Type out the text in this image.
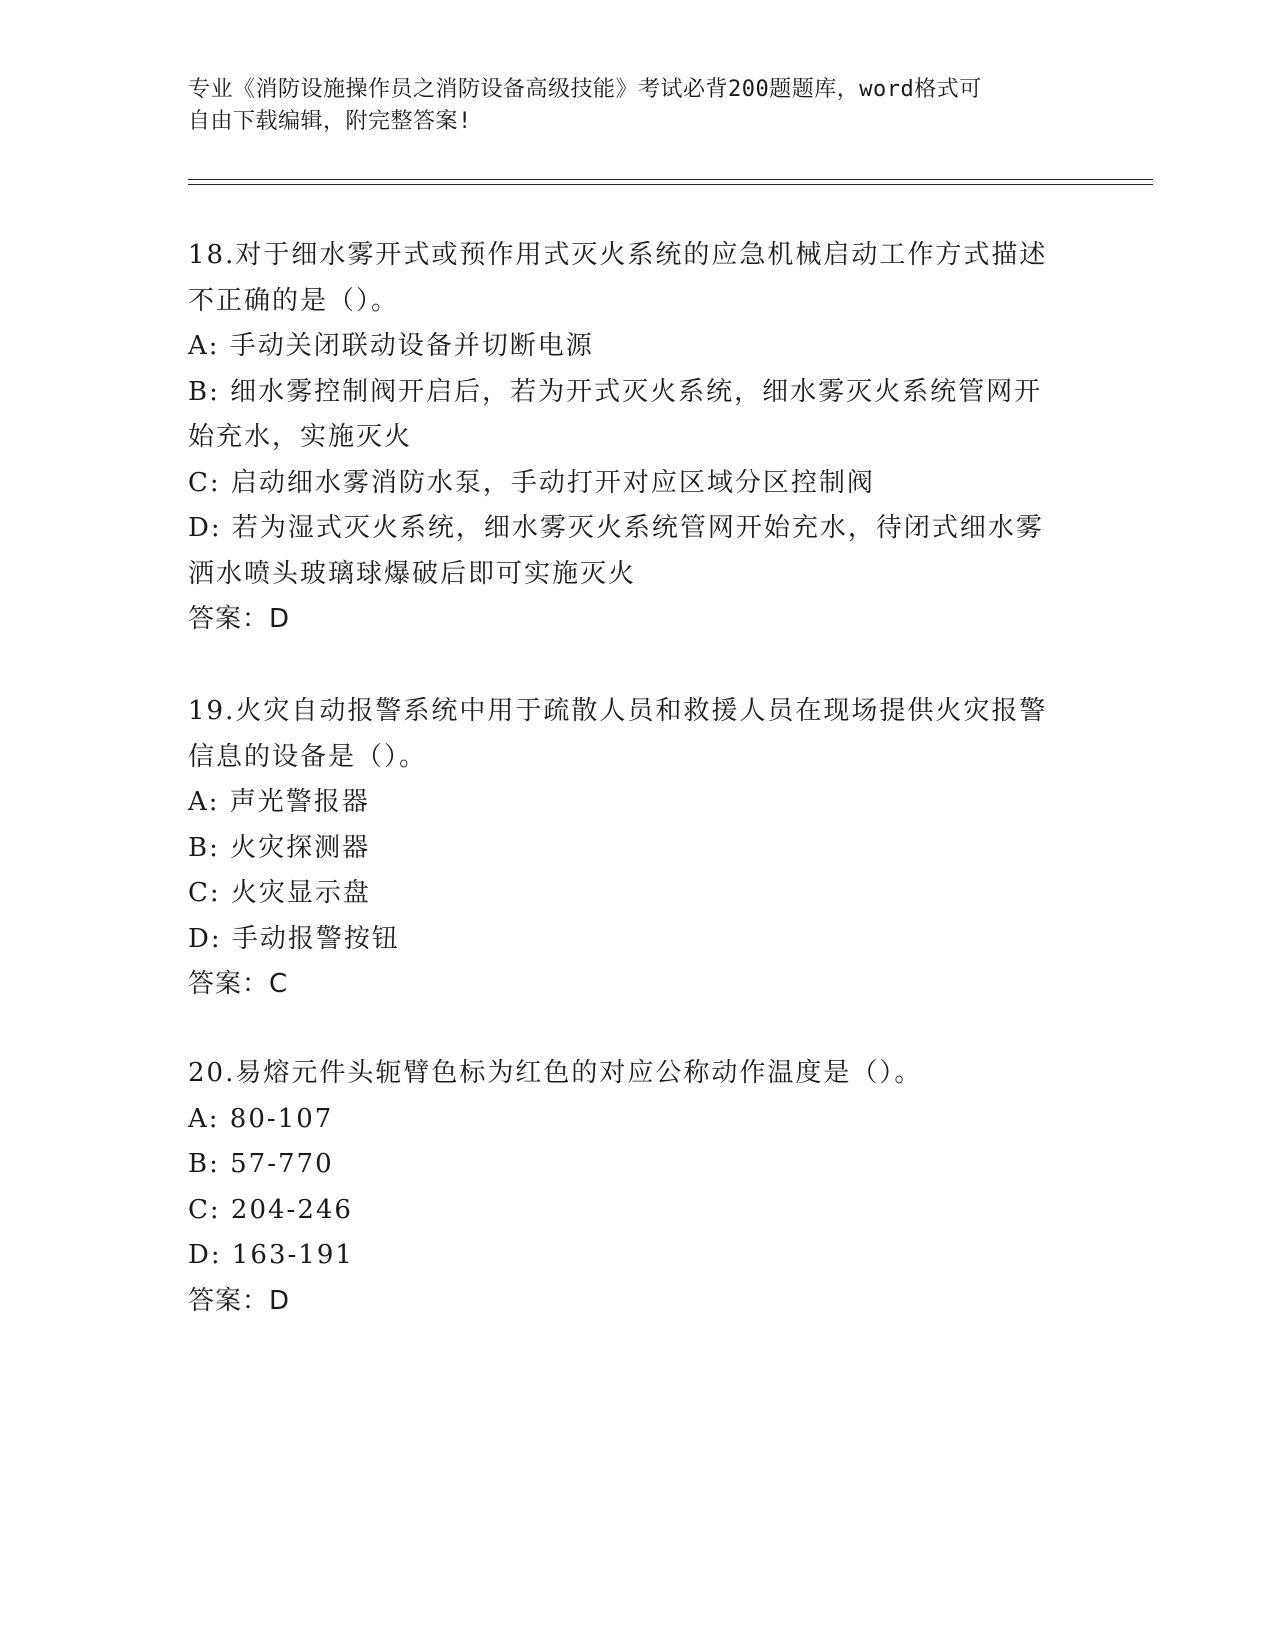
专业《消防设施操作员之消防设备高级技能》考试必背200题题库，word格式可
自由下载编辑，附完整答案!
18.对于细水雾开式或预作用式灭火系统的应急机械启动工作方式描述
不正确的是（）。
A: 手动关闭联动设备并切断电源
B: 细水雾控制阀开启后，若为开式灭火系统，细水雾灭火系统管网开
始充水，实施灭火
C: 启动细水雾消防水泵，手动打开对应区域分区控制阀
D: 若为湿式灭火系统，细水雾灭火系统管网开始充水，待闭式细水雾
洒水喷头玻璃球爆破后即可实施灭火
答案：D
19.火灾自动报警系统中用于疏散人员和救援人员在现场提供火灾报警
信息的设备是（）。
A: 声光警报器
B: 火灾探测器
C: 火灾显示盘
D: 手动报警按钮
答案：C
20.易熔元件头轭臂色标为红色的对应公称动作温度是（）。
A: 80-107
B: 57-770
C: 204-246
D: 163-191
答案：D
